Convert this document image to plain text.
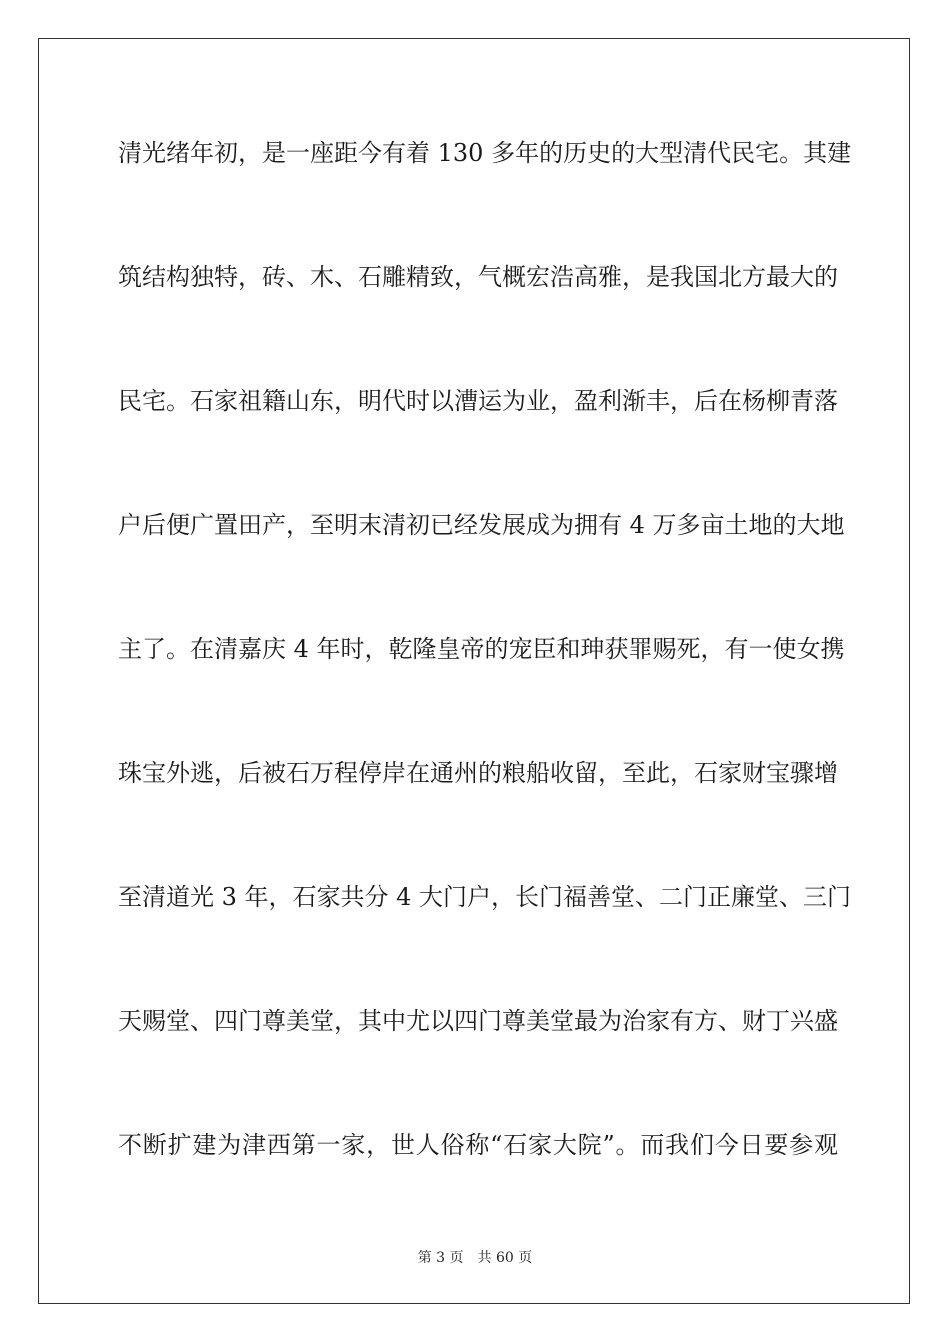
清光绪年初，是一座距今有着 130 多年的历史的大型清代民宅。其建
筑结构独特，砖、木、石雕精致，气概宏浩高雅，是我国北方最大的
民宅。石家祖籍山东，明代时以漕运为业，盈利渐丰，后在杨柳青落
户后便广置田产，至明末清初已经发展成为拥有 4 万多亩土地的大地
主了。在清嘉庆 4 年时，乾隆皇帝的宠臣和珅获罪赐死，有一使女携
珠宝外逃，后被石万程停岸在通州的粮船收留，至此，石家财宝骤增
至清道光 3 年，石家共分 4 大门户，长门福善堂、二门正廉堂、三门
天赐堂、四门尊美堂，其中尤以四门尊美堂最为治家有方、财丁兴盛
不断扩建为津西第一家，世人俗称“石家大院”。而我们今日要参观
第 3 页 共 60 页
